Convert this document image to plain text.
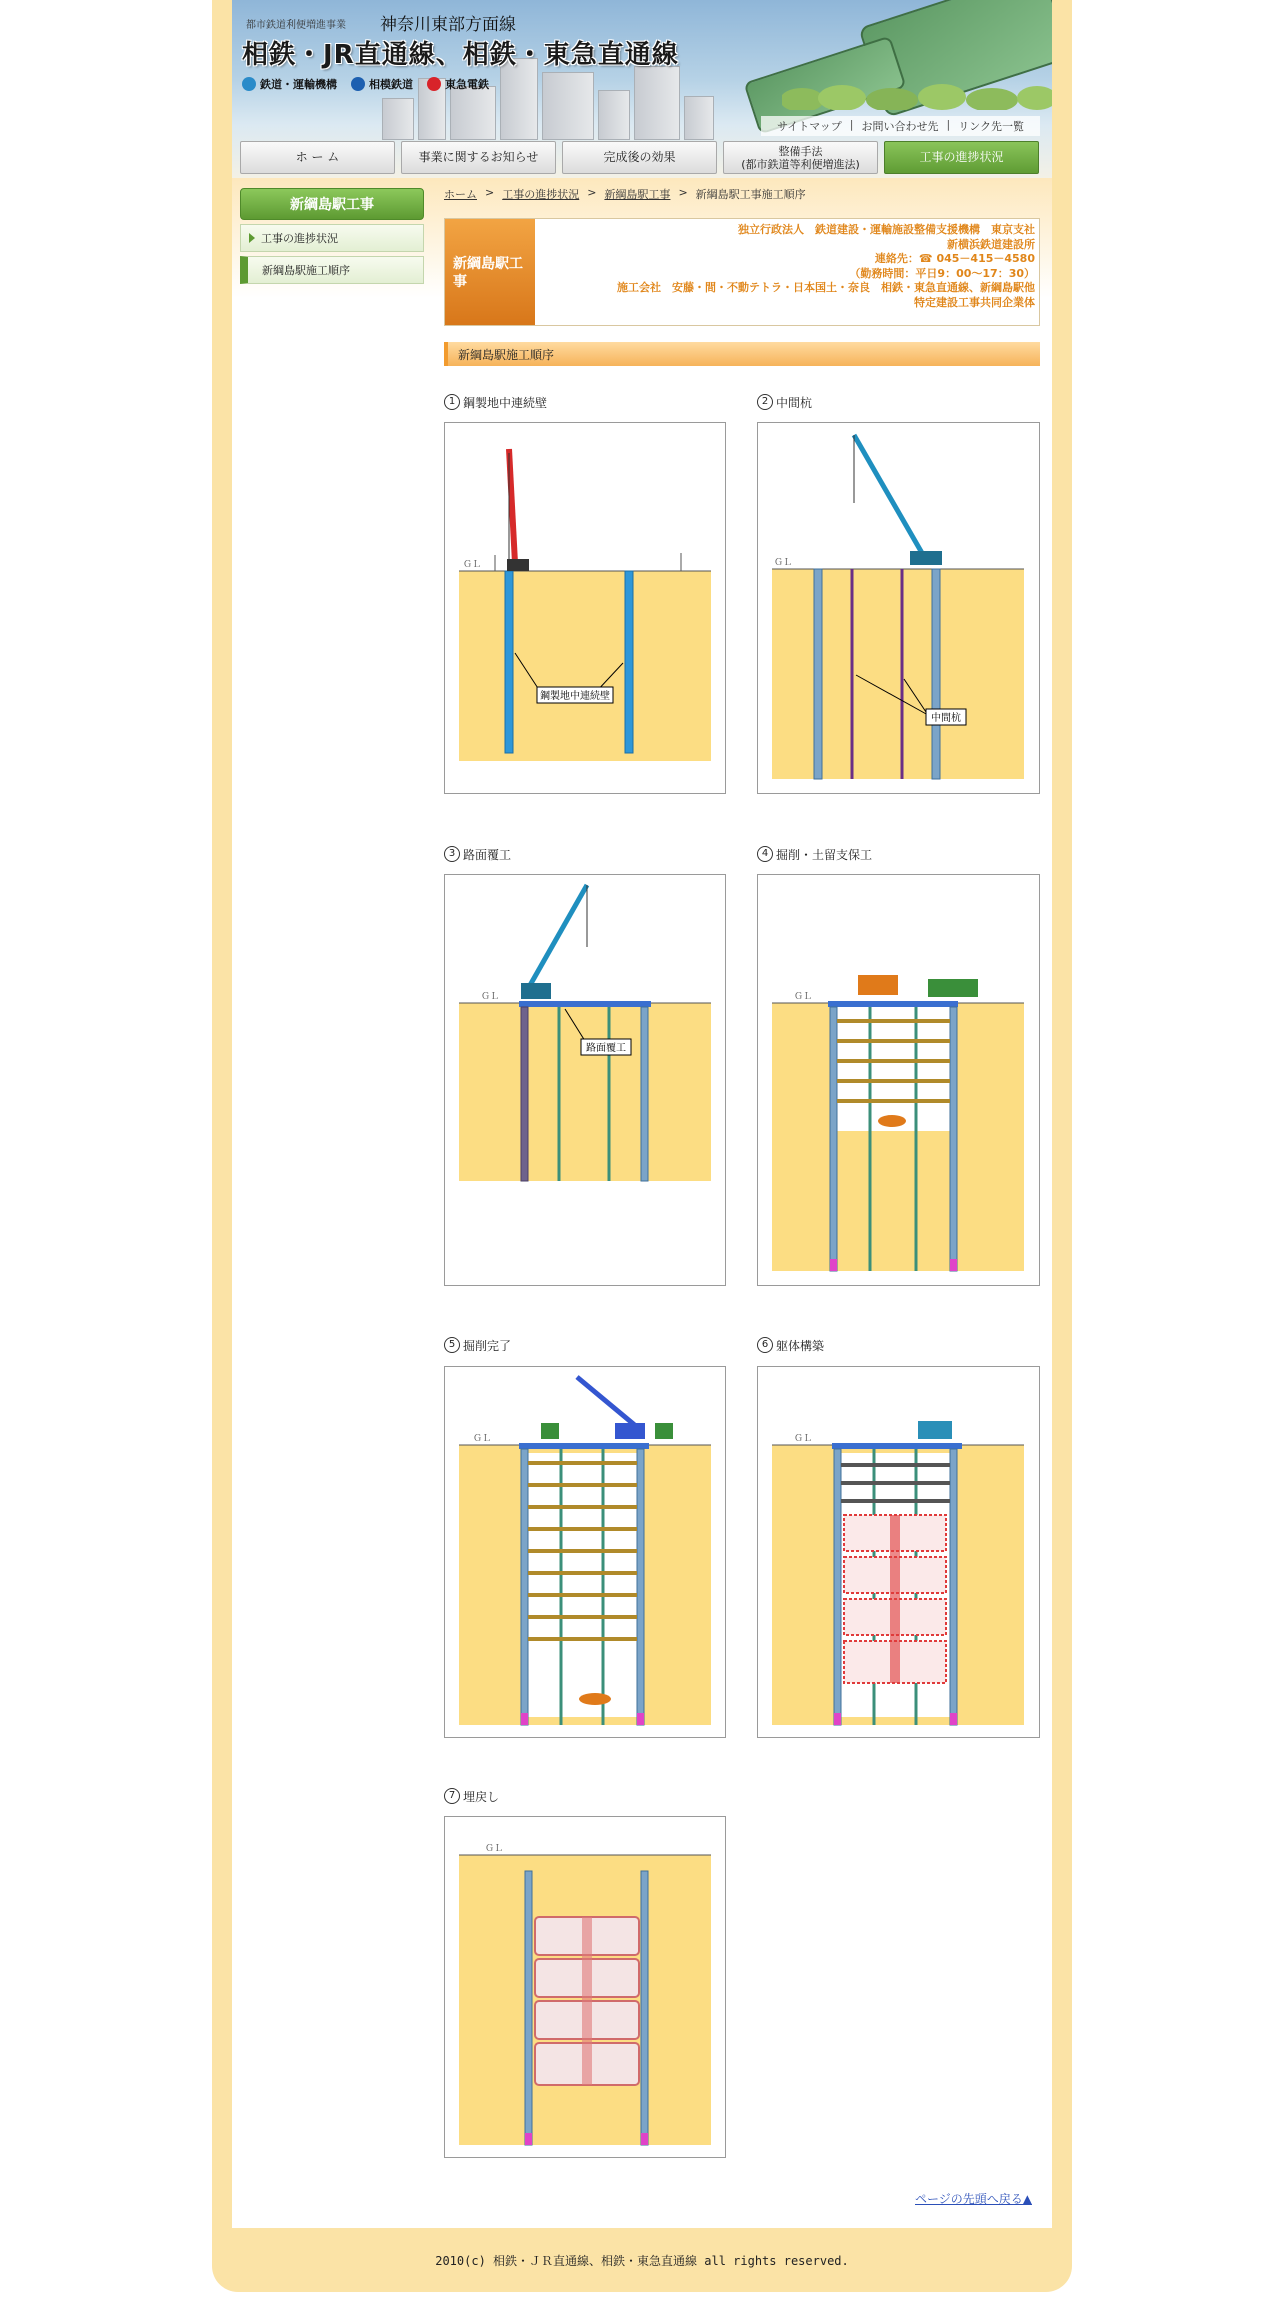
都市鉄道利便増進事業 神奈川東部方面線
相鉄・JR直通線、相鉄・東急直通線
鉄道・運輸機構	相模鉄道	東急電鉄
サイトマップ | お問い合わせ先 | リンク先一覧
ホ ー ム	事業に関するお知らせ	完成後の効果	整備手法
(都市鉄道等利便増進法)	工事の進捗状況
新綱島駅工事
工事の進捗状況
新綱島駅施工順序
ホーム > 工事の進捗状況 > 新綱島駅工事 > 新綱島駅工事施工順序
新綱島駅工事
独立行政法人　鉄道建設・運輸施設整備支援機構　東京支社
新横浜鉄道建設所
連絡先：☎ 045－415－4580
（勤務時間：平日9：00～17：30）
施工会社　安藤・間・不動テトラ・日本国土・奈良　相鉄・東急直通線、新綱島駅他
特定建設工事共同企業体
新綱島駅施工順序
1 鋼製地中連続壁
ＧＬ
鋼製地中連続壁
2 中間杭
ＧＬ
中間杭
3 路面覆工
ＧＬ
路面覆工
4 掘削・土留支保工
ＧＬ
5 掘削完了
ＧＬ
6 躯体構築
ＧＬ
7 埋戻し
ＧＬ
ページの先頭へ戻る▲
2010(c) 相鉄・ＪＲ直通線、相鉄・東急直通線 all rights reserved.
